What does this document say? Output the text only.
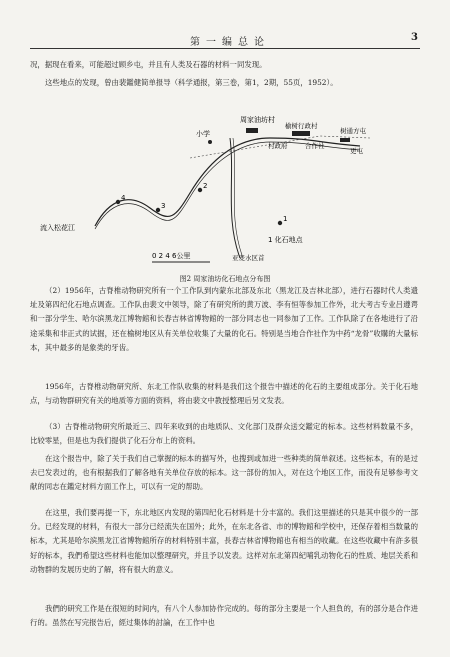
第一编总论	3
况，据现在看来，可能超过顾乡屯，并且有人类及石器的材料一同发现。
这些地点的发现，曾由裴鑑健简单报导（科学通报，第三卷，第1，2期，55页，1952）。
周家油坊村
小学
榆树行政村
村政府	合作社
树通方屯
更屯
流入松花江
1 化石地点
亚麦水区首
0 2 4 6公里
1
2
3
4
图2 周家油坊化石地点分布图
（2）1956年，古脊椎动物研究所有一个工作队到内蒙东北部及东北（黑龙江及吉林北部），进行石器时代人类遗址及第四纪化石地点调查。工作队由裴文中领导，除了有研究所的黄万波、李有恒等参加工作外，北大考古专业吕遵谔和一部分学生、哈尔滨黑龙江博物館和长春吉林省博物館的一部分同志也一同参加了工作。工作队除了在各地进行了沿途采集和非正式的试掘，还在榆树地区从有关单位收集了大量的化石。特别是当地合作社作为中药“龙骨”收購的大量标本，其中最多的是象类的牙齿。
1956年，古脊椎动物研究所、东北工作队收集的材料是我们这个报告中描述的化石的主要组成部分。关于化石地点，与动物群研究有关的地质等方面的资料，将由裴文中教授整理后另文发表。
（3）古脊椎动物研究所最近三、四年来收到的由地质队、文化部门及群众送交鑑定的标本。这些材料数量不多，比较零星，但是也为我们提供了化石分布上的资料。
在这个报告中，除了关于我们自己掌握的标本的描写外，也搜到或加进一些种类的简单叙述。这些标本，有的是过去已发表过的，也有根据我们了解各地有关单位存放的标本。这一部份的加入，对在这个地区工作，而没有足够参考文献的同志在鑑定材料方面工作上，可以有一定的帮助。
在这里，我们要再提一下，东北地区内发现的第四纪化石材料是十分丰富的。我们这里描述的只是其中很少的一部分。已经发现的材料，有很大一部分已经流失在国外；此外，在东北各省、市的博物館和学校中，还保存着相当数量的标本，尤其是哈尔滨黑龙江省博物館所存的材料特别丰富，長春吉林省博物館也有相当的收藏。在这些收藏中有許多很好的标本，我們希望这些材料也能加以整理研究，并且予以发表。这样对东北第四紀哺乳动物化石的性质、地层关系和动物群的发展历史的了解，将有很大的意义。
我們的研究工作是在很短的时间内，有八个人参加协作完成的。每的部分主要是一个人担負的，有的部分是合作进行的。虽然在写完报告后，經过集体的討論，在工作中也
